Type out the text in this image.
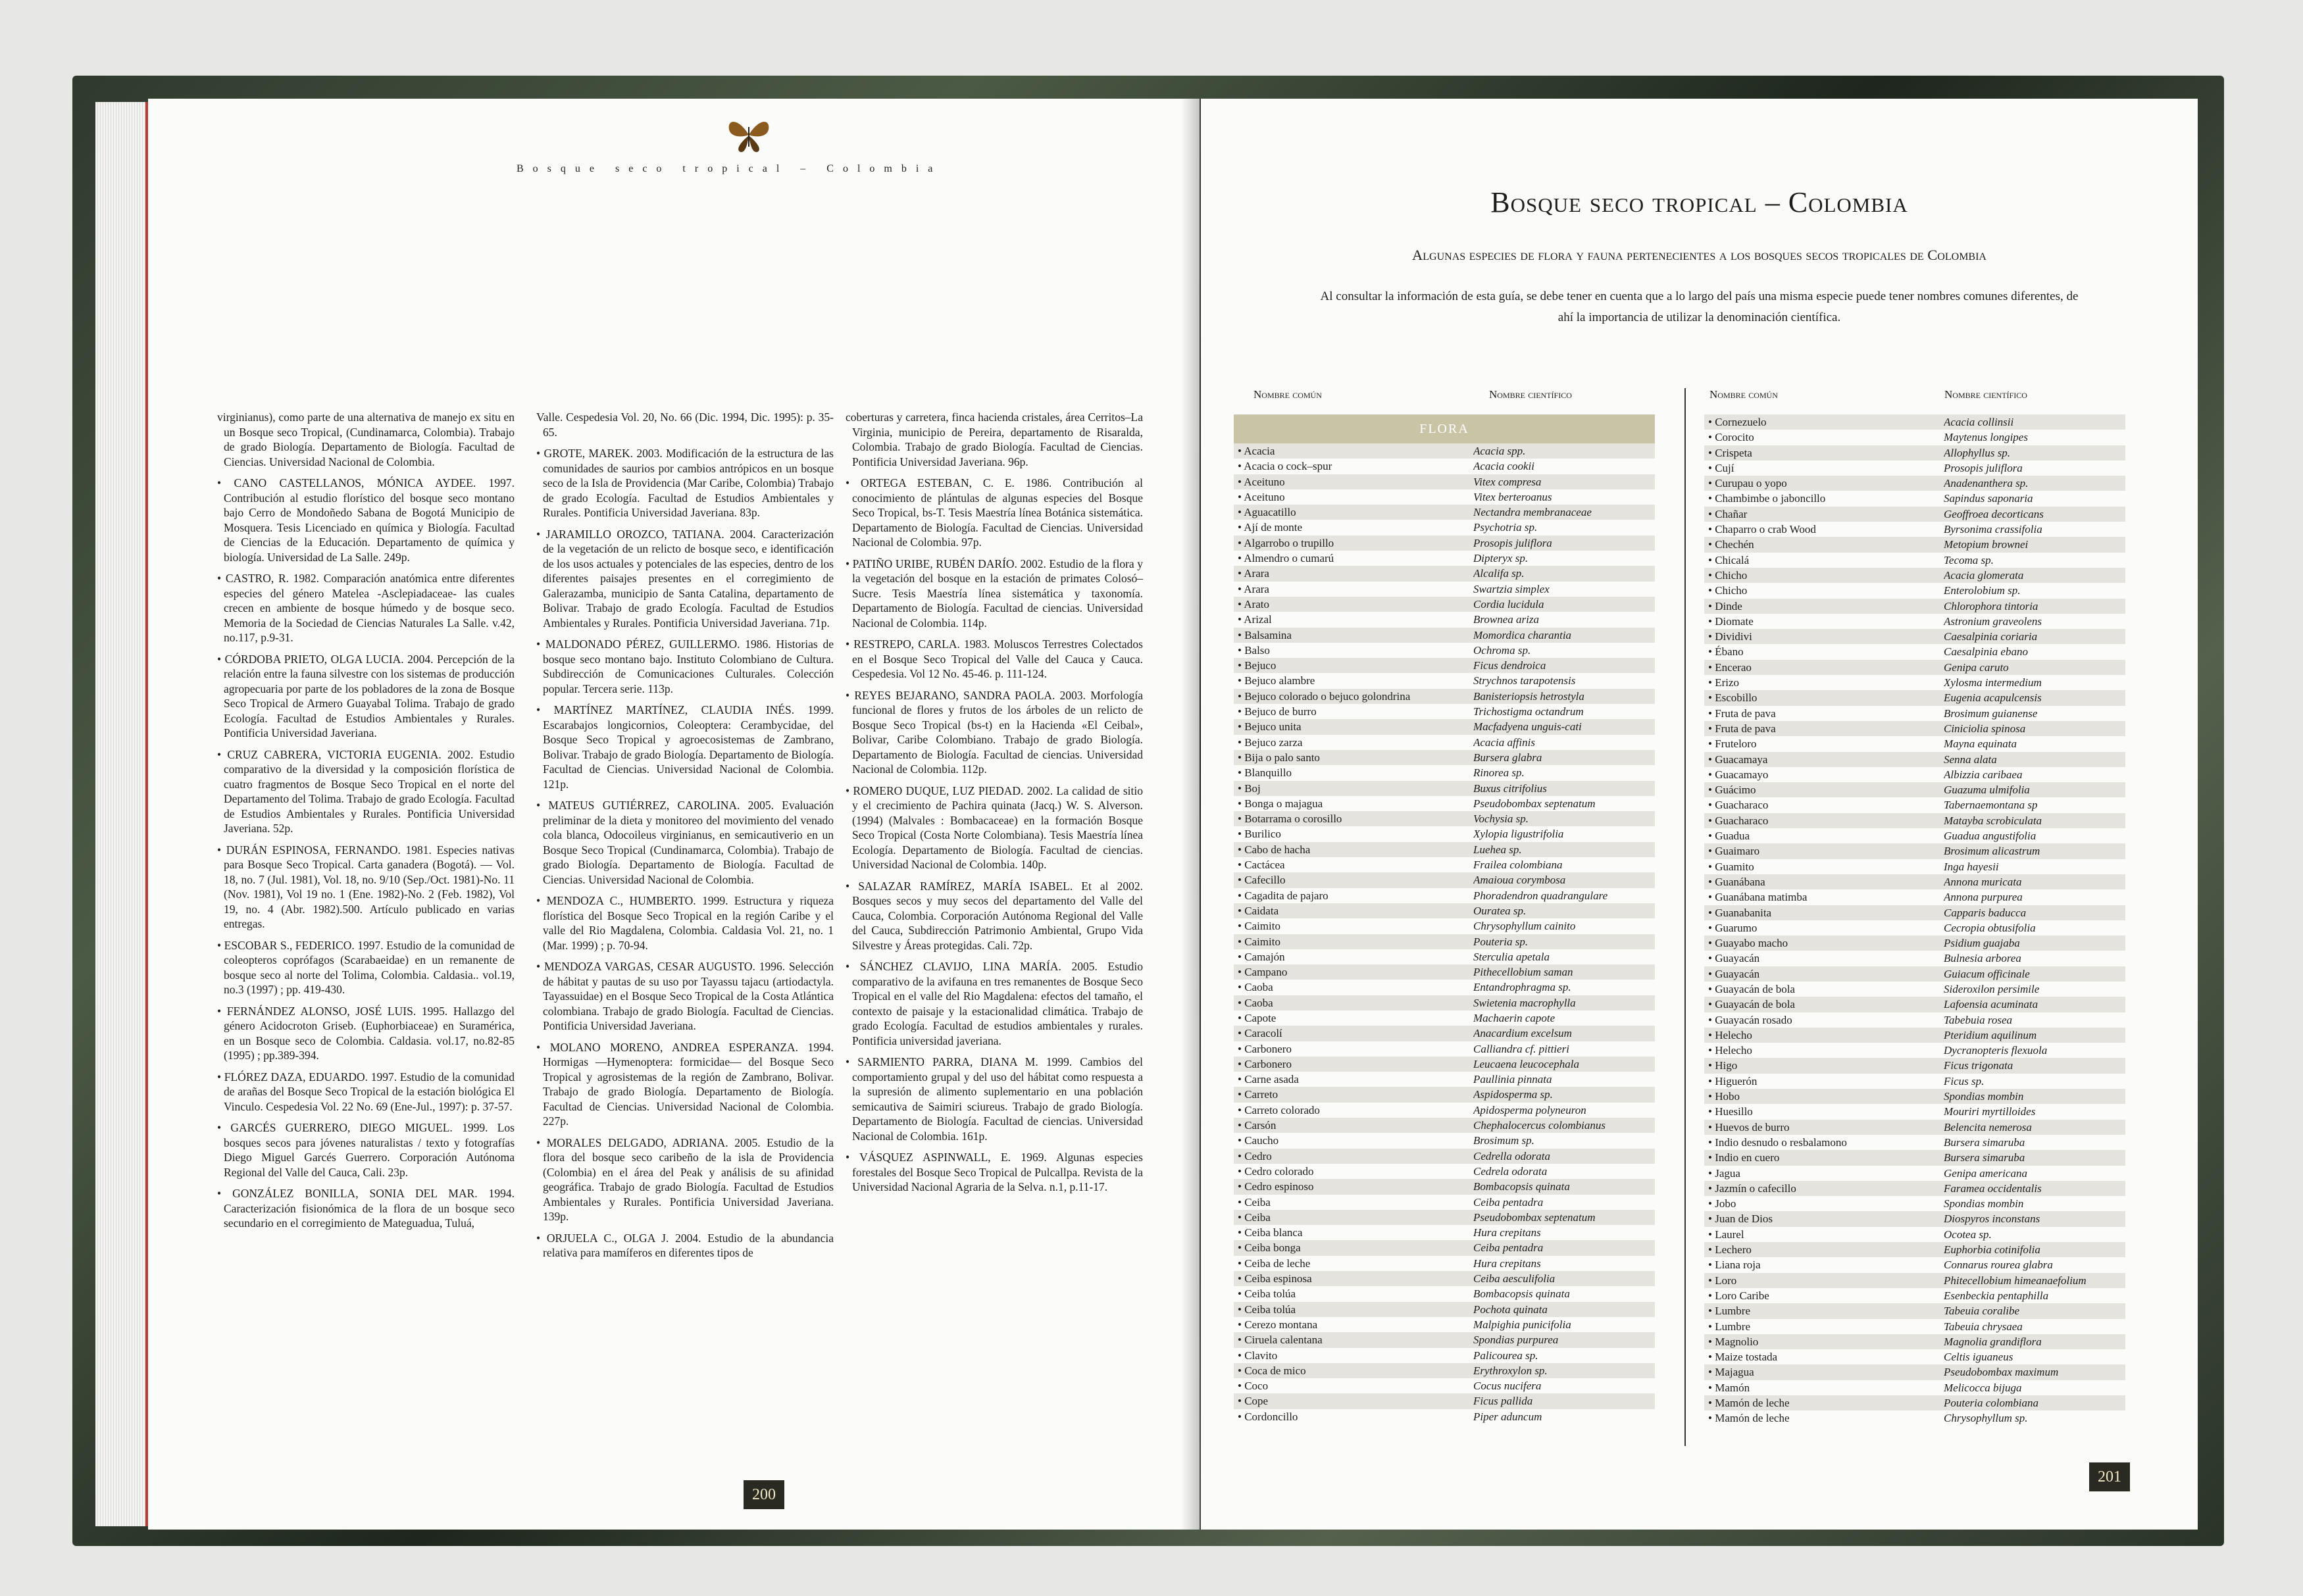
Bosque seco tropical – Colombia

virginianus), como parte de una alternativa de manejo ex situ en un Bosque seco Tropical, (Cundinamarca, Colombia). Trabajo de grado Biología. Departamento de Biología. Facultad de Ciencias. Universidad Nacional de Colombia.

• CANO CASTELLANOS, MÓNICA AYDEE. 1997. Contribución al estudio florístico del bosque seco montano bajo Cerro de Mondoñedo Sabana de Bogotá Municipio de Mosquera. Tesis Licenciado en química y Biología. Facultad de Ciencias de la Educación. Departamento de química y biología. Universidad de La Salle. 249p.

• CASTRO, R. 1982. Comparación anatómica entre diferentes especies del género Matelea -Asclepiadaceae- las cuales crecen en ambiente de bosque húmedo y de bosque seco. Memoria de la Sociedad de Ciencias Naturales La Salle. v.42, no.117, p.9-31.

• CÓRDOBA PRIETO, OLGA LUCIA. 2004. Percepción de la relación entre la fauna silvestre con los sistemas de producción agropecuaria por parte de los pobladores de la zona de Bosque Seco Tropical de Armero Guayabal Tolima. Trabajo de grado Ecología. Facultad de Estudios Ambientales y Rurales. Pontificia Universidad Javeriana.

• CRUZ CABRERA, VICTORIA EUGENIA. 2002. Estudio comparativo de la diversidad y la composición florística de cuatro fragmentos de Bosque Seco Tropical en el norte del Departamento del Tolima. Trabajo de grado Ecología. Facultad de Estudios Ambientales y Rurales. Pontificia Universidad Javeriana. 52p.

• DURÁN ESPINOSA, FERNANDO. 1981. Especies nativas para Bosque Seco Tropical. Carta ganadera (Bogotá). — Vol. 18, no. 7 (Jul. 1981), Vol. 18, no. 9/10 (Sep./Oct. 1981)-No. 11 (Nov. 1981), Vol 19 no. 1 (Ene. 1982)-No. 2 (Feb. 1982), Vol 19, no. 4 (Abr. 1982).500. Artículo publicado en varias entregas.

• ESCOBAR S., FEDERICO. 1997. Estudio de la comunidad de coleopteros coprófagos (Scarabaeidae) en un remanente de bosque seco al norte del Tolima, Colombia. Caldasia.. vol.19, no.3 (1997) ; pp. 419-430.

• FERNÁNDEZ ALONSO, JOSÉ LUIS. 1995. Hallazgo del género Acidocroton Griseb. (Euphorbiaceae) en Suramérica, en un Bosque seco de Colombia. Caldasia. vol.17, no.82-85 (1995) ; pp.389-394.

• FLÓREZ DAZA, EDUARDO. 1997. Estudio de la comunidad de arañas del Bosque Seco Tropical de la estación biológica El Vinculo. Cespedesia Vol. 22 No. 69 (Ene-Jul., 1997): p. 37-57.

• GARCÉS GUERRERO, DIEGO MIGUEL. 1999. Los bosques secos para jóvenes naturalistas / texto y fotografías Diego Miguel Garcés Guerrero. Corporación Autónoma Regional del Valle del Cauca, Cali. 23p.

• GONZÁLEZ BONILLA, SONIA DEL MAR. 1994. Caracterización fisionómica de la flora de un bosque seco secundario en el corregimiento de Mateguadua, Tuluá,

Valle. Cespedesia Vol. 20, No. 66 (Dic. 1994, Dic. 1995): p. 35-65.

• GROTE, MAREK. 2003. Modificación de la estructura de las comunidades de saurios por cambios antrópicos en un bosque seco de la Isla de Providencia (Mar Caribe, Colombia) Trabajo de grado Ecología. Facultad de Estudios Ambientales y Rurales. Pontificia Universidad Javeriana. 83p.

• JARAMILLO OROZCO, TATIANA. 2004. Caracterización de la vegetación de un relicto de bosque seco, e identificación de los usos actuales y potenciales de las especies, dentro de los diferentes paisajes presentes en el corregimiento de Galerazamba, municipio de Santa Catalina, departamento de Bolivar. Trabajo de grado Ecología. Facultad de Estudios Ambientales y Rurales. Pontificia Universidad Javeriana. 71p.

• MALDONADO PÉREZ, GUILLERMO. 1986. Historias de bosque seco montano bajo. Instituto Colombiano de Cultura. Subdirección de Comunicaciones Culturales. Colección popular. Tercera serie. 113p.

• MARTÍNEZ MARTÍNEZ, CLAUDIA INÉS. 1999. Escarabajos longicornios, Coleoptera: Cerambycidae, del Bosque Seco Tropical y agroecosistemas de Zambrano, Bolivar. Trabajo de grado Biología. Departamento de Biología. Facultad de Ciencias. Universidad Nacional de Colombia. 121p.

• MATEUS GUTIÉRREZ, CAROLINA. 2005. Evaluación preliminar de la dieta y monitoreo del movimiento del venado cola blanca, Odocoileus virginianus, en semicautiverio en un Bosque Seco Tropical (Cundinamarca, Colombia). Trabajo de grado Biología. Departamento de Biología. Facultad de Ciencias. Universidad Nacional de Colombia.

• MENDOZA C., HUMBERTO. 1999. Estructura y riqueza florística del Bosque Seco Tropical en la región Caribe y el valle del Rio Magdalena, Colombia. Caldasia Vol. 21, no. 1 (Mar. 1999) ; p. 70-94.

• MENDOZA VARGAS, CESAR AUGUSTO. 1996. Selección de hábitat y pautas de su uso por Tayassu tajacu (artiodactyla. Tayassuidae) en el Bosque Seco Tropical de la Costa Atlántica colombiana. Trabajo de grado Biología. Facultad de Ciencias. Pontificia Universidad Javeriana.

• MOLANO MORENO, ANDREA ESPERANZA. 1994. Hormigas —Hymenoptera: formicidae— del Bosque Seco Tropical y agrosistemas de la región de Zambrano, Bolivar. Trabajo de grado Biología. Departamento de Biología. Facultad de Ciencias. Universidad Nacional de Colombia. 227p.

• MORALES DELGADO, ADRIANA. 2005. Estudio de la flora del bosque seco caribeño de la isla de Providencia (Colombia) en el área del Peak y análisis de su afinidad geográfica. Trabajo de grado Biología. Facultad de Estudios Ambientales y Rurales. Pontificia Universidad Javeriana. 139p.

• ORJUELA C., OLGA J. 2004. Estudio de la abundancia relativa para mamíferos en diferentes tipos de

coberturas y carretera, finca hacienda cristales, área Cerritos–La Virginia, municipio de Pereira, departamento de Risaralda, Colombia. Trabajo de grado Biología. Facultad de Ciencias. Pontificia Universidad Javeriana. 96p.

• ORTEGA ESTEBAN, C. E. 1986. Contribución al conocimiento de plántulas de algunas especies del Bosque Seco Tropical, bs-T. Tesis Maestría línea Botánica sistemática. Departamento de Biología. Facultad de Ciencias. Universidad Nacional de Colombia. 97p.

• PATIÑO URIBE, RUBÉN DARÍO. 2002. Estudio de la flora y la vegetación del bosque en la estación de primates Colosó–Sucre. Tesis Maestría línea sistemática y taxonomía. Departamento de Biología. Facultad de ciencias. Universidad Nacional de Colombia. 114p.

• RESTREPO, CARLA. 1983. Moluscos Terrestres Colectados en el Bosque Seco Tropical del Valle del Cauca y Cauca. Cespedesia. Vol 12 No. 45-46. p. 111-124.

• REYES BEJARANO, SANDRA PAOLA. 2003. Morfología funcional de flores y frutos de los árboles de un relicto de Bosque Seco Tropical (bs-t) en la Hacienda «El Ceibal», Bolivar, Caribe Colombiano. Trabajo de grado Biología. Departamento de Biología. Facultad de ciencias. Universidad Nacional de Colombia. 112p.

• ROMERO DUQUE, LUZ PIEDAD. 2002. La calidad de sitio y el crecimiento de Pachira quinata (Jacq.) W. S. Alverson. (1994) (Malvales : Bombacaceae) en la formación Bosque Seco Tropical (Costa Norte Colombiana). Tesis Maestría línea Ecología. Departamento de Biología. Facultad de ciencias. Universidad Nacional de Colombia. 140p.

• SALAZAR RAMÍREZ, MARÍA ISABEL. Et al 2002. Bosques secos y muy secos del departamento del Valle del Cauca, Colombia. Corporación Autónoma Regional del Valle del Cauca, Subdirección Patrimonio Ambiental, Grupo Vida Silvestre y Áreas protegidas. Cali. 72p.

• SÁNCHEZ CLAVIJO, LINA MARÍA. 2005. Estudio comparativo de la avifauna en tres remanentes de Bosque Seco Tropical en el valle del Rio Magdalena: efectos del tamaño, el contexto de paisaje y la estacionalidad climática. Trabajo de grado Ecología. Facultad de estudios ambientales y rurales. Pontificia universidad javeriana.

• SARMIENTO PARRA, DIANA M. 1999. Cambios del comportamiento grupal y del uso del hábitat como respuesta a la supresión de alimento suplementario en una población semicautiva de Saimiri sciureus. Trabajo de grado Biología. Departamento de Biología. Facultad de ciencias. Universidad Nacional de Colombia. 161p.

• VÁSQUEZ ASPINWALL, E. 1969. Algunas especies forestales del Bosque Seco Tropical de Pulcallpa. Revista de la Universidad Nacional Agraria de la Selva. n.1, p.11-17.

200
Bosque seco tropical – Colombia
Algunas especies de flora y fauna pertenecientes a los bosques secos tropicales de Colombia
Al consultar la información de esta guía, se debe tener en cuenta que a lo largo del país una misma especie puede tener nombres comunes diferentes, de ahí la importancia de utilizar la denominación científica.
Nombre común	Nombre científico	Nombre común	Nombre científico
FLORA
• Acacia	Acacia spp.
• Acacia o cock–spur	Acacia cookii
• Aceituno	Vitex compresa
• Aceituno	Vitex berteroanus
• Aguacatillo	Nectandra membranaceae
• Ají de monte	Psychotria sp.
• Algarrobo o trupillo	Prosopis juliflora
• Almendro o cumarú	Dipteryx sp.
• Arara	Alcalifa sp.
• Arara	Swartzia simplex
• Arato	Cordia lucidula
• Arizal	Brownea ariza
• Balsamina	Momordica charantia
• Balso	Ochroma sp.
• Bejuco	Ficus dendroica
• Bejuco alambre	Strychnos tarapotensis
• Bejuco colorado o bejuco golondrina	Banisteriopsis hetrostyla
• Bejuco de burro	Trichostigma octandrum
• Bejuco unita	Macfadyena unguis-cati
• Bejuco zarza	Acacia affinis
• Bija o palo santo	Bursera glabra
• Blanquillo	Rinorea sp.
• Boj	Buxus citrifolius
• Bonga o majagua	Pseudobombax septenatum
• Botarrama o corosillo	Vochysia sp.
• Burilico	Xylopia ligustrifolia
• Cabo de hacha	Luehea sp.
• Cactácea	Frailea colombiana
• Cafecillo	Amaioua corymbosa
• Cagadita de pajaro	Phoradendron quadrangulare
• Caidata	Ouratea sp.
• Caimito	Chrysophyllum cainito
• Caimito	Pouteria sp.
• Camajón	Sterculia apetala
• Campano	Pithecellobium saman
• Caoba	Entandrophragma sp.
• Caoba	Swietenia macrophylla
• Capote	Machaerin capote
• Caracolí	Anacardium excelsum
• Carbonero	Calliandra cf. pittieri
• Carbonero	Leucaena leucocephala
• Carne asada	Paullinia pinnata
• Carreto	Aspidosperma sp.
• Carreto colorado	Apidosperma polyneuron
• Carsón	Chephalocercus colombianus
• Caucho	Brosimum sp.
• Cedro	Cedrella odorata
• Cedro colorado	Cedrela odorata
• Cedro espinoso	Bombacopsis quinata
• Ceiba	Ceiba pentadra
• Ceiba	Pseudobombax septenatum
• Ceiba blanca	Hura crepitans
• Ceiba bonga	Ceiba pentadra
• Ceiba de leche	Hura crepitans
• Ceiba espinosa	Ceiba aesculifolia
• Ceiba tolúa	Bombacopsis quinata
• Ceiba tolúa	Pochota quinata
• Cerezo montana	Malpighia punicifolia
• Ciruela calentana	Spondias purpurea
• Clavito	Palicourea sp.
• Coca de mico	Erythroxylon sp.
• Coco	Cocus nucifera
• Cope	Ficus pallida
• Cordoncillo	Piper aduncum
• Cornezuelo	Acacia collinsii
• Corocito	Maytenus longipes
• Crispeta	Allophyllus sp.
• Cují	Prosopis juliflora
• Curupau o yopo	Anadenanthera sp.
• Chambimbe o jaboncillo	Sapindus saponaria
• Chañar	Geoffroea decorticans
• Chaparro o crab Wood	Byrsonima crassifolia
• Chechén	Metopium brownei
• Chicalá	Tecoma sp.
• Chicho	Acacia glomerata
• Chicho	Enterolobium sp.
• Dinde	Chlorophora tintoria
• Diomate	Astronium graveolens
• Dividivi	Caesalpinia coriaria
• Ébano	Caesalpinia ebano
• Encerao	Genipa caruto
• Erizo	Xylosma intermedium
• Escobillo	Eugenia acapulcensis
• Fruta de pava	Brosimum guianense
• Fruta de pava	Ciniciolia spinosa
• Fruteloro	Mayna equinata
• Guacamaya	Senna alata
• Guacamayo	Albizzia caribaea
• Guácimo	Guazuma ulmifolia
• Guacharaco	Tabernaemontana sp
• Guacharaco	Matayba scrobiculata
• Guadua	Guadua angustifolia
• Guaimaro	Brosimum alicastrum
• Guamito	Inga hayesii
• Guanábana	Annona muricata
• Guanábana matimba	Annona purpurea
• Guanabanita	Capparis baducca
• Guarumo	Cecropia obtusifolia
• Guayabo macho	Psidium guajaba
• Guayacán	Bulnesia arborea
• Guayacán	Guiacum officinale
• Guayacán de bola	Sideroxilon persimile
• Guayacán de bola	Lafoensia acuminata
• Guayacán rosado	Tabebuia rosea
• Helecho	Pteridium aquilinum
• Helecho	Dycranopteris flexuola
• Higo	Ficus trigonata
• Higuerón	Ficus sp.
• Hobo	Spondias mombin
• Huesillo	Mouriri myrtilloides
• Huevos de burro	Belencita nemerosa
• Indio desnudo o resbalamono	Bursera simaruba
• Indio en cuero	Bursera simaruba
• Jagua	Genipa americana
• Jazmín o cafecillo	Faramea occidentalis
• Jobo	Spondias mombin
• Juan de Dios	Diospyros inconstans
• Laurel	Ocotea sp.
• Lechero	Euphorbia cotinifolia
• Liana roja	Connarus rourea glabra
• Loro	Phitecellobium himeanaefolium
• Loro Caribe	Esenbeckia pentaphilla
• Lumbre	Tabeuia coralibe
• Lumbre	Tabeuia chrysaea
• Magnolio	Magnolia grandiflora
• Maize tostada	Celtis iguaneus
• Majagua	Pseudobombax maximum
• Mamón	Melicocca bijuga
• Mamón de leche	Pouteria colombiana
• Mamón de leche	Chrysophyllum sp.
201
